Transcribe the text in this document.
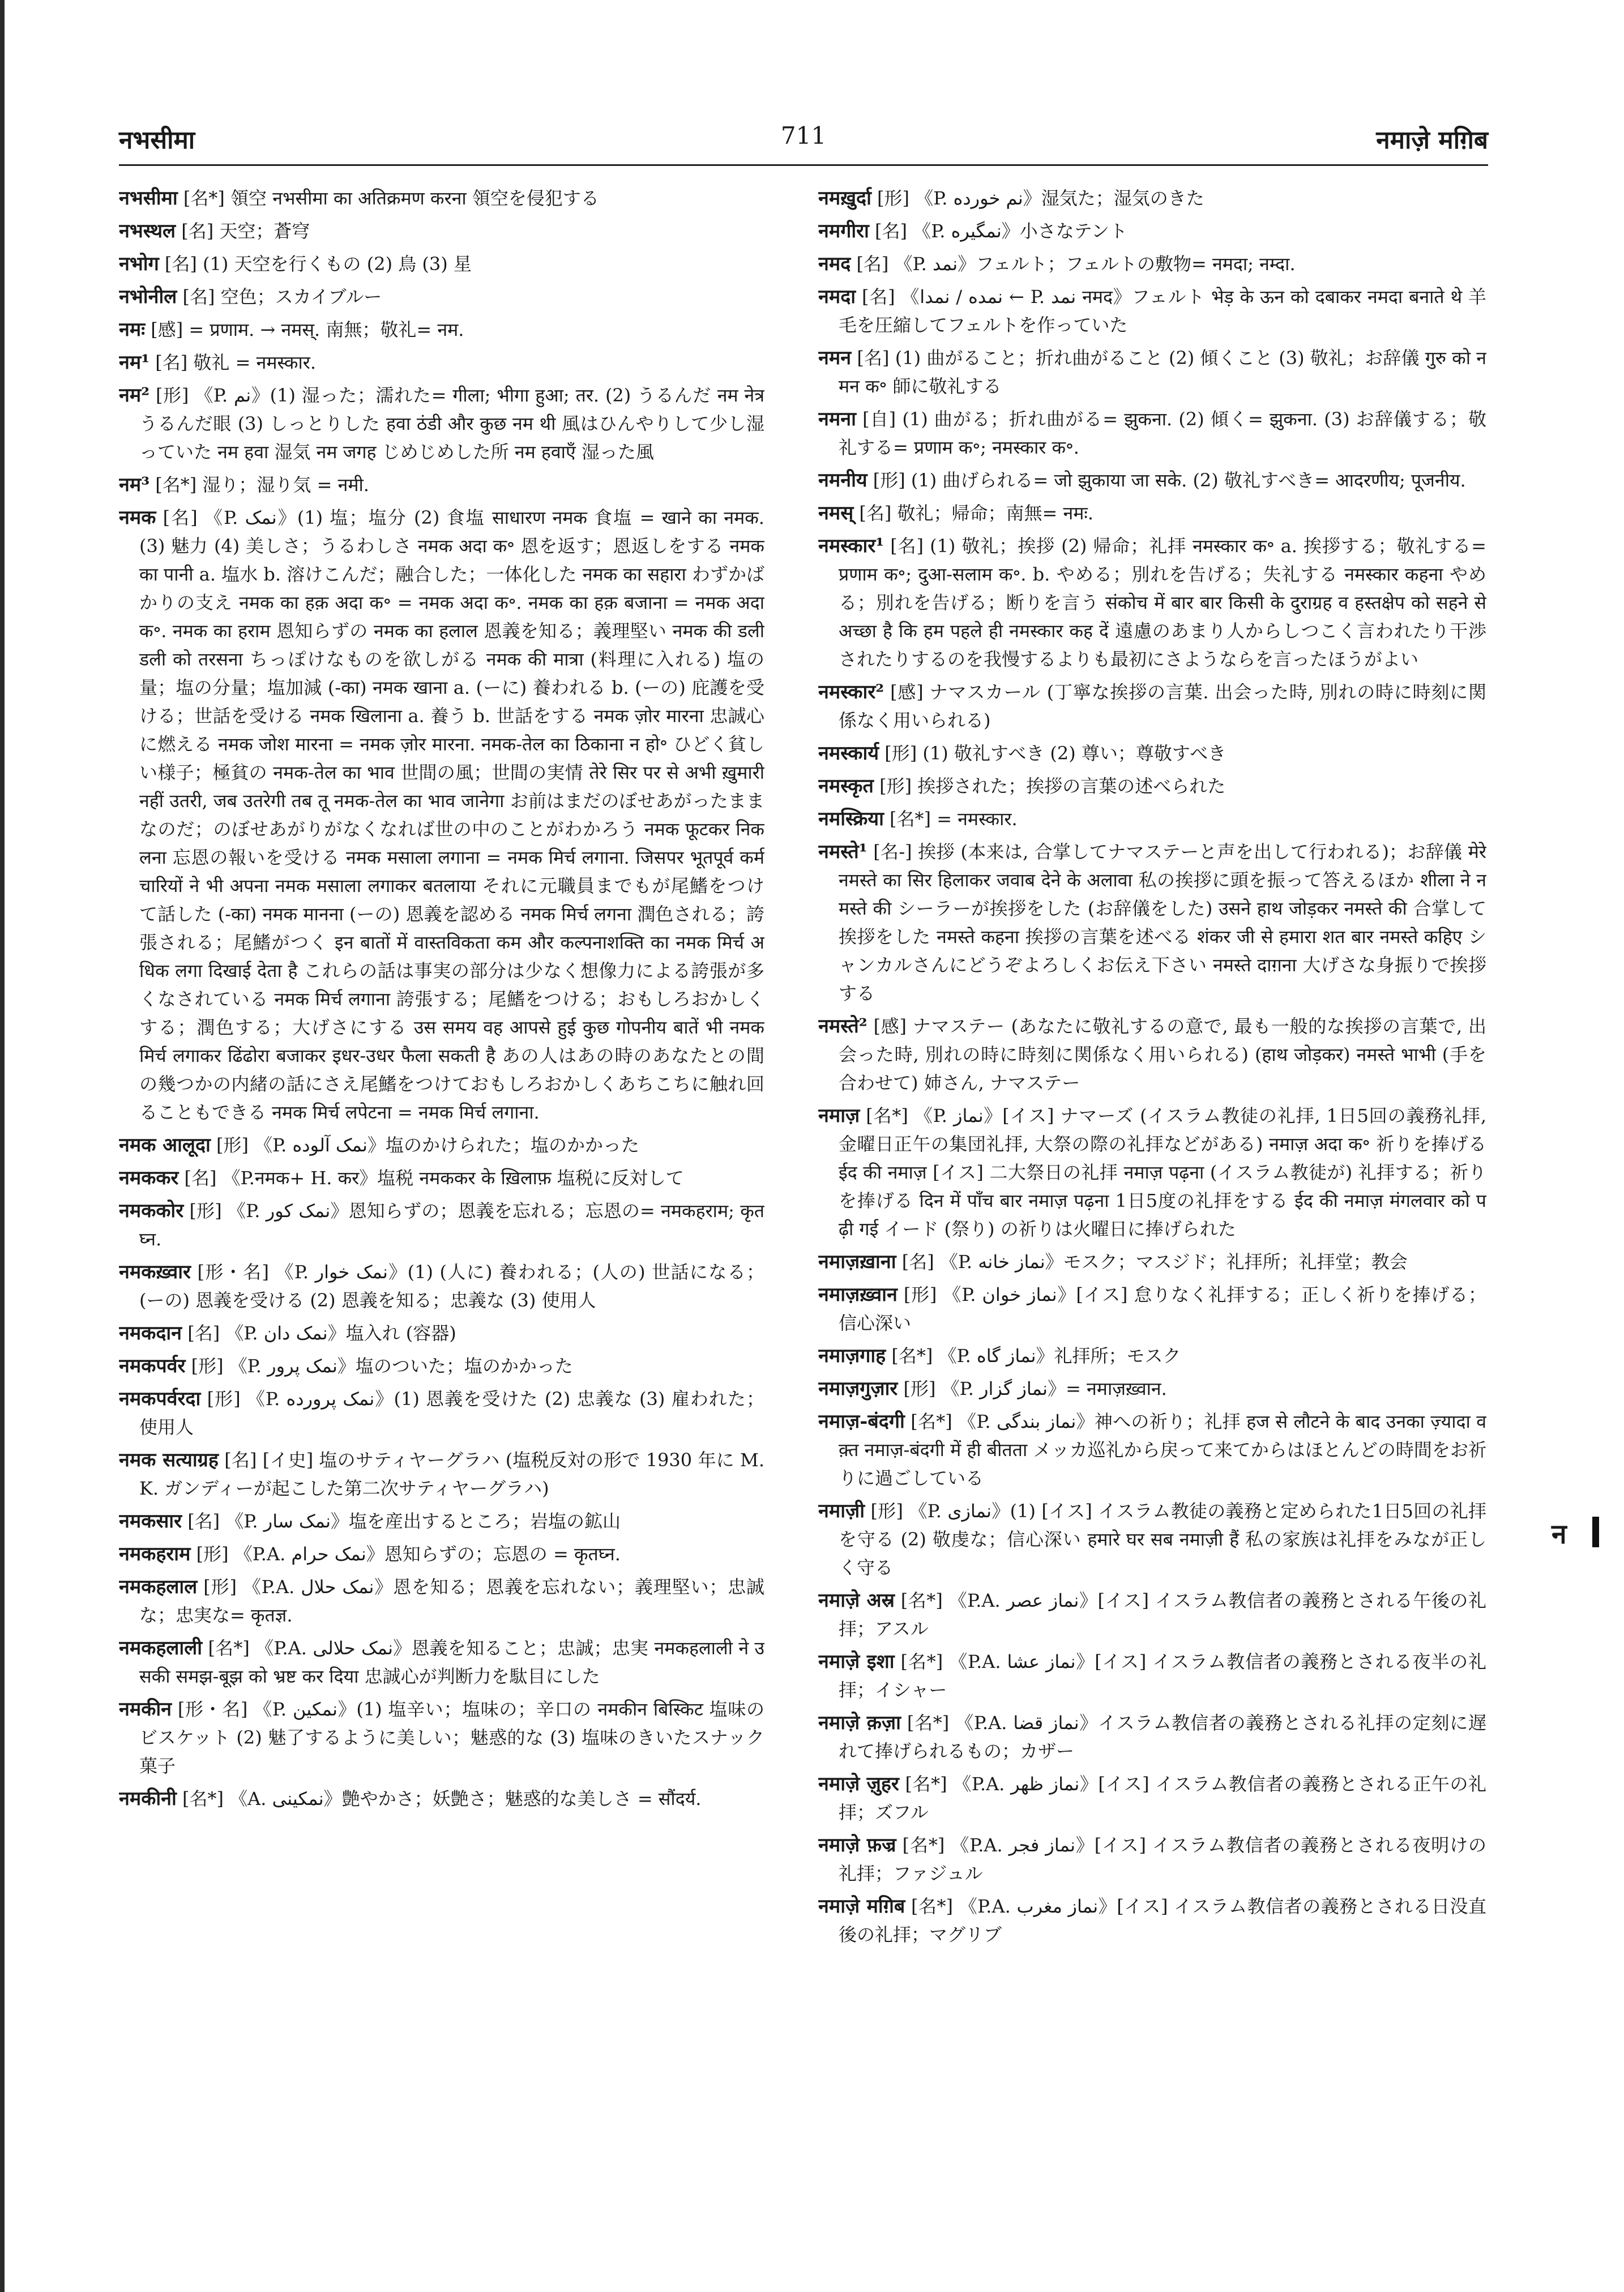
नभसीमा	711	नमाज़े मग़िब

नभसीमा [名*] 領空 नभसीमा का अतिक्रमण करना 領空を侵犯する

नभस्थल [名] 天空；蒼穹

नभोग [名] (1) 天空を行くもの (2) 鳥 (3) 星

नभोनील [名] 空色；スカイブルー

नमः [感] = प्रणाम. → नमस्. 南無；敬礼= नम.

नम¹ [名] 敬礼 = नमस्कार.

नम² [形] 《P. نم》(1) 湿った；濡れた= गीला; भीगा हुआ; तर. (2) うるんだ नम नेत्र うるんだ眼 (3) しっとりした हवा ठंडी और कुछ नम थी 風はひんやりして少し湿っていた नम हवा 湿気 नम जगह じめじめした所 नम हवाएँ 湿った風

नम³ [名*] 湿り；湿り気 = नमी.

नमक [名] 《P. نمک》(1) 塩；塩分 (2) 食塩 साधारण नमक 食塩 = खाने का नमक. (3) 魅力 (4) 美しさ；うるわしさ नमक अदा क॰ 恩を返す；恩返しをする नमक का पानी a. 塩水 b. 溶けこんだ；融合した；一体化した नमक का सहारा わずかばかりの支え नमक का हक़ अदा क॰ = नमक अदा क॰. नमक का हक़ बजाना = नमक अदा क॰. नमक का हराम 恩知らずの नमक का हलाल 恩義を知る；義理堅い नमक की डली डली को तरसना ちっぽけなものを欲しがる नमक की मात्रा (料理に入れる) 塩の量；塩の分量；塩加減 (-का) नमक खाना a. (ーに) 養われる b. (ーの) 庇護を受ける；世話を受ける नमक खिलाना a. 養う b. 世話をする नमक ज़ोर मारना 忠誠心に燃える नमक जोश मारना = नमक ज़ोर मारना. नमक-तेल का ठिकाना न हो॰ ひどく貧しい様子；極貧の नमक-तेल का भाव 世間の風；世間の実情 तेरे सिर पर से अभी ख़ुमारी नहीं उतरी, जब उतरेगी तब तू नमक-तेल का भाव जानेगा お前はまだのぼせあがったままなのだ；のぼせあがりがなくなれば世の中のことがわかろう नमक फूटकर निकलना 忘恩の報いを受ける नमक मसाला लगाना = नमक मिर्च लगाना. जिसपर भूतपूर्व कर्मचारियों ने भी अपना नमक मसाला लगाकर बतलाया それに元職員までもが尾鰭をつけて話した (-का) नमक मानना (ーの) 恩義を認める नमक मिर्च लगना 潤色される；誇張される；尾鰭がつく इन बातों में वास्तविकता कम और कल्पनाशक्ति का नमक मिर्च अधिक लगा दिखाई देता है これらの話は事実の部分は少なく想像力による誇張が多くなされている नमक मिर्च लगाना 誇張する；尾鰭をつける；おもしろおかしくする；潤色する；大げさにする उस समय वह आपसे हुई कुछ गोपनीय बातें भी नमक मिर्च लगाकर ढिंढोरा बजाकर इधर-उधर फैला सकती है あの人はあの時のあなたとの間の幾つかの内緒の話にさえ尾鰭をつけておもしろおかしくあちこちに触れ回ることもできる नमक मिर्च लपेटना = नमक मिर्च लगाना.

नमक आलूदा [形] 《P. نمک آلوده》塩のかけられた；塩のかかった

नमककर [名] 《P.नमक+ H. कर》塩税 नमककर के ख़िलाफ़ 塩税に反対して

नमककोर [形] 《P. نمک کور》恩知らずの；恩義を忘れる；忘恩の= नमकहराम; कृतघ्न.

नमकख़्वार [形・名] 《P. نمک خوار》(1) (人に) 養われる；(人の) 世話になる；(ーの) 恩義を受ける (2) 恩義を知る；忠義な (3) 使用人

नमकदान [名] 《P. نمک دان》塩入れ (容器)

नमकपर्वर [形] 《P. نمک پرور》塩のついた；塩のかかった

नमकपर्वरदा [形] 《P. نمک پرورده》(1) 恩義を受けた (2) 忠義な (3) 雇われた；使用人

नमक सत्याग्रह [名] [イ史] 塩のサティヤーグラハ (塩税反対の形で 1930 年に M.K. ガンディーが起こした第二次サティヤーグラハ)

नमकसार [名] 《P. نمک سار》塩を産出するところ；岩塩の鉱山

नमकहराम [形] 《P.A. نمک حرام》恩知らずの；忘恩の = कृतघ्न.

नमकहलाल [形] 《P.A. نمک حلال》恩を知る；恩義を忘れない；義理堅い；忠誠な；忠実な= कृतज्ञ.

नमकहलाली [名*] 《P.A. نمک حلالی》恩義を知ること；忠誠；忠実 नमकहलाली ने उसकी समझ-बूझ को भ्रष्ट कर दिया 忠誠心が判断力を駄目にした

नमकीन [形・名] 《P. نمکین》(1) 塩辛い；塩味の；辛口の नमकीन बिस्किट 塩味のビスケット (2) 魅了するように美しい；魅惑的な (3) 塩味のきいたスナック菓子

नमकीनी [名*] 《A. نمکینی》艶やかさ；妖艶さ；魅惑的な美しさ = सौंदर्य.

नमख़ुर्दा [形] 《P. نم خورده》湿気た；湿気のきた

नमगीरा [名] 《P. نمگیره》小さなテント

नमद [名] 《P. نمد》フェルト；フェルトの敷物= नमदा; नम्दा.

नमदा [名] 《نمده / نمدا ← P. نمد नमद》フェルト भेड़ के ऊन को दबाकर नमदा बनाते थे 羊毛を圧縮してフェルトを作っていた

नमन [名] (1) 曲がること；折れ曲がること (2) 傾くこと (3) 敬礼；お辞儀 गुरु को नमन क॰ 師に敬礼する

नमना [自] (1) 曲がる；折れ曲がる= झुकना. (2) 傾く= झुकना. (3) お辞儀する；敬礼する= प्रणाम क॰; नमस्कार क॰.

नमनीय [形] (1) 曲げられる= जो झुकाया जा सके. (2) 敬礼すべき= आदरणीय; पूजनीय.

नमस् [名] 敬礼；帰命；南無= नमः.

नमस्कार¹ [名] (1) 敬礼；挨拶 (2) 帰命；礼拝 नमस्कार क॰ a. 挨拶する；敬礼する= प्रणाम क॰; दुआ-सलाम क॰. b. やめる；別れを告げる；失礼する नमस्कार कहना やめる；別れを告げる；断りを言う संकोच में बार बार किसी के दुराग्रह व हस्तक्षेप को सहने से अच्छा है कि हम पहले ही नमस्कार कह दें 遠慮のあまり人からしつこく言われたり干渉されたりするのを我慢するよりも最初にさようならを言ったほうがよい

नमस्कार² [感] ナマスカール (丁寧な挨拶の言葉. 出会った時, 別れの時に時刻に関係なく用いられる)

नमस्कार्य [形] (1) 敬礼すべき (2) 尊い；尊敬すべき

नमस्कृत [形] 挨拶された；挨拶の言葉の述べられた

नमस्क्रिया [名*] = नमस्कार.

नमस्ते¹ [名-] 挨拶 (本来は, 合掌してナマステーと声を出して行われる)；お辞儀 मेरे नमस्ते का सिर हिलाकर जवाब देने के अलावा 私の挨拶に頭を振って答えるほか शीला ने नमस्ते की シーラーが挨拶をした (お辞儀をした) उसने हाथ जोड़कर नमस्ते की 合掌して挨拶をした नमस्ते कहना 挨拶の言葉を述べる शंकर जी से हमारा शत बार नमस्ते कहिए シャンカルさんにどうぞよろしくお伝え下さい नमस्ते दाग़ना 大げさな身振りで挨拶する

नमस्ते² [感] ナマステー (あなたに敬礼するの意で, 最も一般的な挨拶の言葉で, 出会った時, 別れの時に時刻に関係なく用いられる) (हाथ जोड़कर) नमस्ते भाभी (手を合わせて) 姉さん, ナマステー

नमाज़ [名*] 《P. نماز》[イス] ナマーズ (イスラム教徒の礼拝, 1日5回の義務礼拝, 金曜日正午の集団礼拝, 大祭の際の礼拝などがある) नमाज़ अदा क॰ 祈りを捧げる ईद की नमाज़ [イス] 二大祭日の礼拝 नमाज़ पढ़ना (イスラム教徒が) 礼拝する；祈りを捧げる दिन में पाँच बार नमाज़ पढ़ना 1日5度の礼拝をする ईद की नमाज़ मंगलवार को पढ़ी गई イード (祭り) の祈りは火曜日に捧げられた

नमाज़ख़ाना [名] 《P. نماز خانه》モスク；マスジド；礼拝所；礼拝堂；教会

नमाज़ख़्वान [形] 《P. نماز خوان》[イス] 怠りなく礼拝する；正しく祈りを捧げる；信心深い

नमाज़गाह [名*] 《P. نماز گاه》礼拝所；モスク

नमाज़गुज़ार [形] 《P. نماز گزار》= नमाज़ख़्वान.

नमाज़-बंदगी [名*] 《P. نماز بندگی》神への祈り；礼拝 हज से लौटने के बाद उनका ज़्यादा वक़्त नमाज़-बंदगी में ही बीतता メッカ巡礼から戻って来てからはほとんどの時間をお祈りに過ごしている

नमाज़ी [形] 《P. نمازی》(1) [イス] イスラム教徒の義務と定められた1日5回の礼拝を守る (2) 敬虔な；信心深い हमारे घर सब नमाज़ी हैं 私の家族は礼拝をみなが正しく守る

नमाज़े अस्र [名*] 《P.A. نماز عصر》[イス] イスラム教信者の義務とされる午後の礼拝；アスル

नमाज़े इशा [名*] 《P.A. نماز عشا》[イス] イスラム教信者の義務とされる夜半の礼拝；イシャー

नमाज़े क़ज़ा [名*] 《P.A. نماز قضا》イスラム教信者の義務とされる礼拝の定刻に遅れて捧げられるもの；カザー

नमाज़े ज़ुहर [名*] 《P.A. نماز ظهر》[イス] イスラム教信者の義務とされる正午の礼拝；ズフル

नमाज़े फ़ज्र [名*] 《P.A. نماز فجر》[イス] イスラム教信者の義務とされる夜明けの礼拝；ファジュル

नमाज़े मग़िब [名*] 《P.A. نماز مغرب》[イス] イスラム教信者の義務とされる日没直後の礼拝；マグリブ

न
